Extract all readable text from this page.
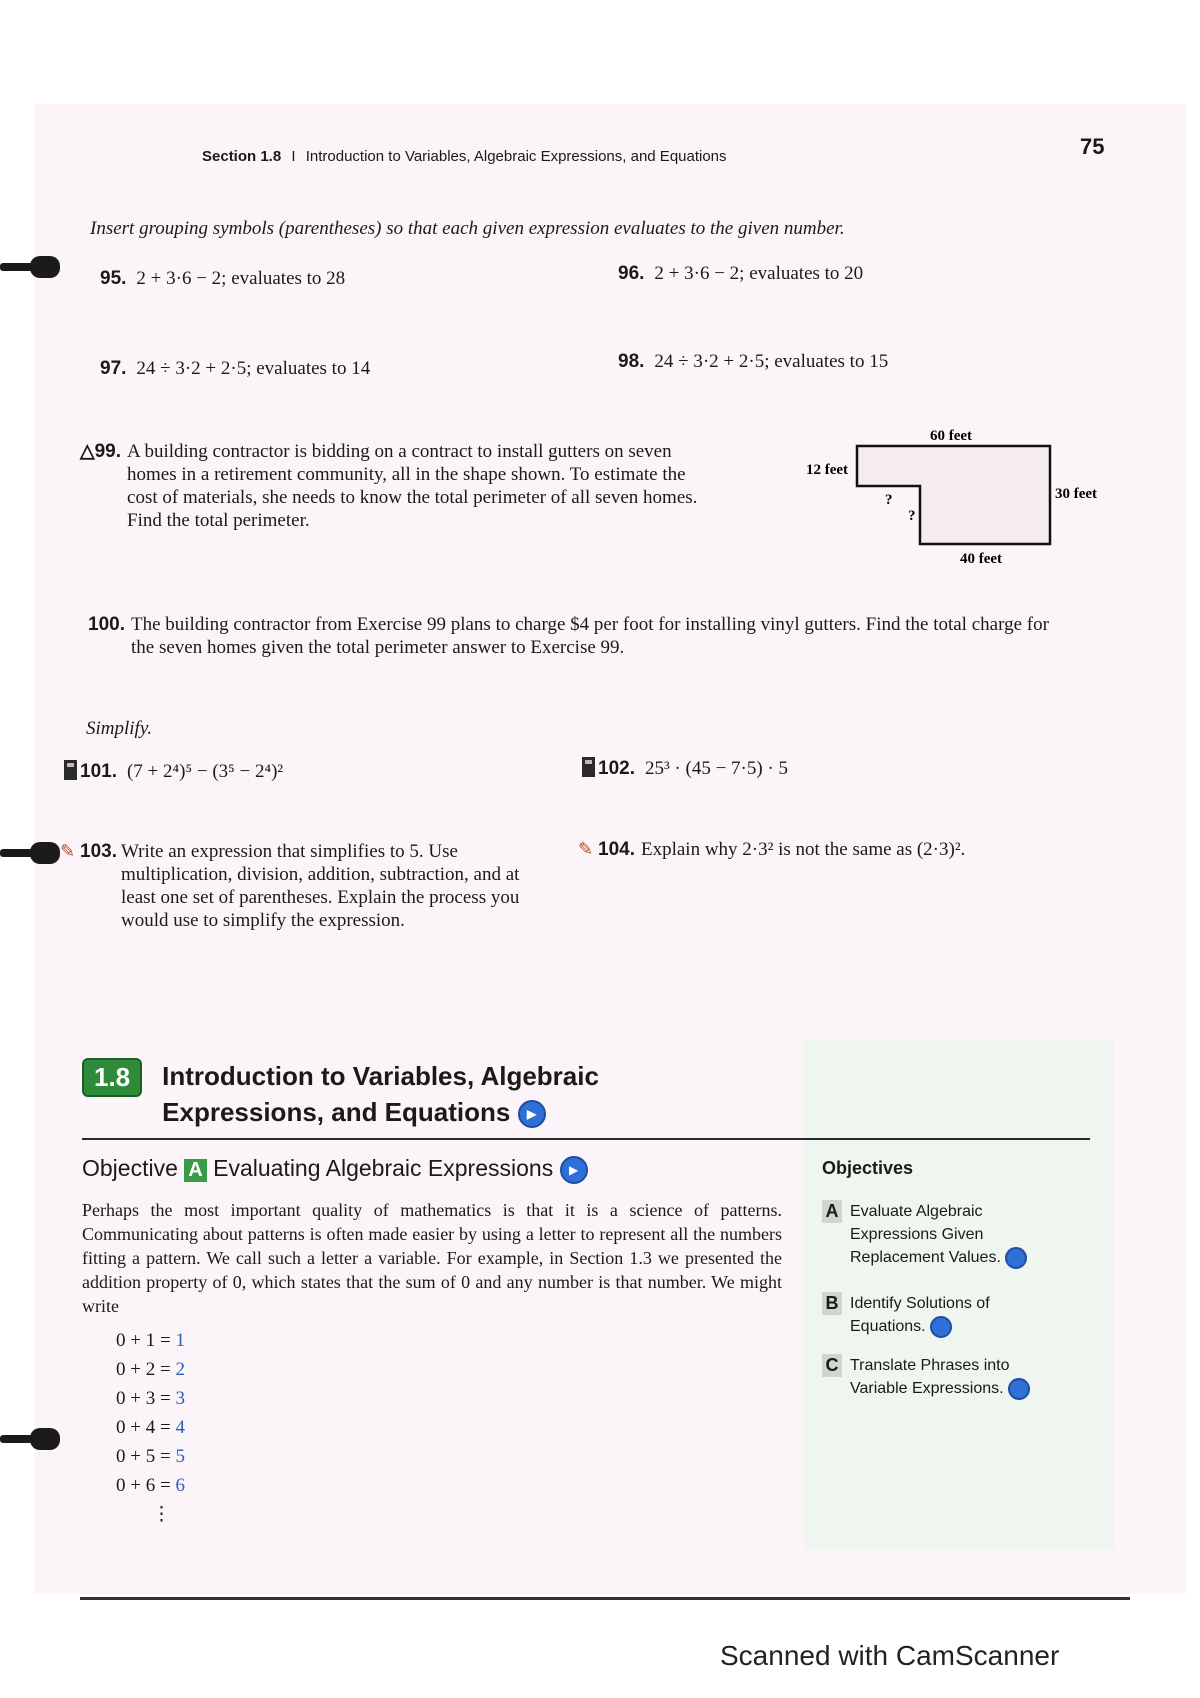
Section 1.8 I Introduction to Variables, Algebraic Expressions, and Equations	75
Insert grouping symbols (parentheses) so that each given expression evaluates to the given number.
95. 2 + 3·6 − 2; evaluates to 28	96. 2 + 3·6 − 2; evaluates to 20
97. 24 ÷ 3·2 + 2·5; evaluates to 14	98. 24 ÷ 3·2 + 2·5; evaluates to 15
△99. A building contractor is bidding on a contract to install gutters on seven homes in a retirement community, all in the shape shown. To estimate the cost of materials, she needs to know the total perimeter of all seven homes. Find the total perimeter.
60 feet
12 feet
30 feet
40 feet
?
?
100. The building contractor from Exercise 99 plans to charge $4 per foot for installing vinyl gutters. Find the total charge for the seven homes given the total perimeter answer to Exercise 99.
Simplify.
101. (7 + 2⁴)⁵ − (3⁵ − 2⁴)²	102. 25³ · (45 − 7·5) · 5
✎ 103. Write an expression that simplifies to 5. Use multiplication, division, addition, subtraction, and at least one set of parentheses. Explain the process you would use to simplify the expression.
✎ 104. Explain why 2·3² is not the same as (2·3)².
1.8	Introduction to Variables, Algebraic
Expressions, and Equations ▶
Objective A Evaluating Algebraic Expressions ▶
Perhaps the most important quality of mathematics is that it is a science of patterns. Communicating about patterns is often made easier by using a letter to represent all the numbers fitting a pattern. We call such a letter a variable. For example, in Section 1.3 we presented the addition property of 0, which states that the sum of 0 and any number is that number. We might write
0 + 1 = 1
0 + 2 = 2
0 + 3 = 3
0 + 4 = 4
0 + 5 = 5
0 + 6 = 6
⋮
Objectives
A Evaluate Algebraic Expressions Given Replacement Values.
B Identify Solutions of Equations.
C Translate Phrases into Variable Expressions.
Scanned with CamScanner
